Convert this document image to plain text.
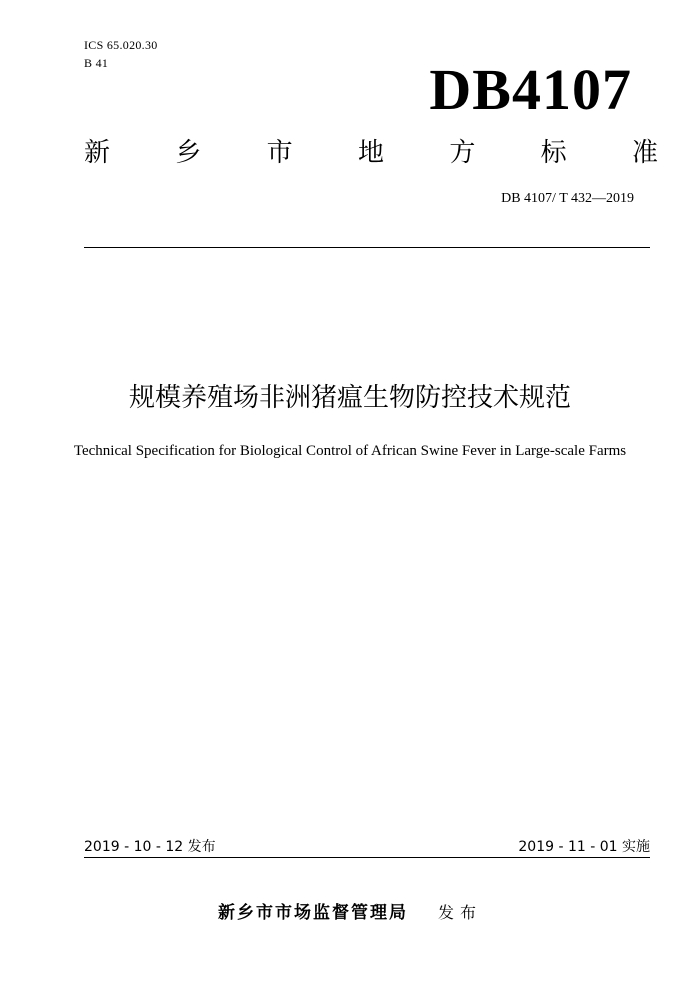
ICS 65.020.30
B 41	DB4107
新	乡	市	地	方	标	准
DB 4107/ T 432—2019
规模养殖场非洲猪瘟生物防控技术规范
Technical Specification for Biological Control of African Swine Fever in Large-scale Farms
2019 - 10 - 12 发布	2019 - 11 - 01 实施
新乡市市场监督管理局 发布
